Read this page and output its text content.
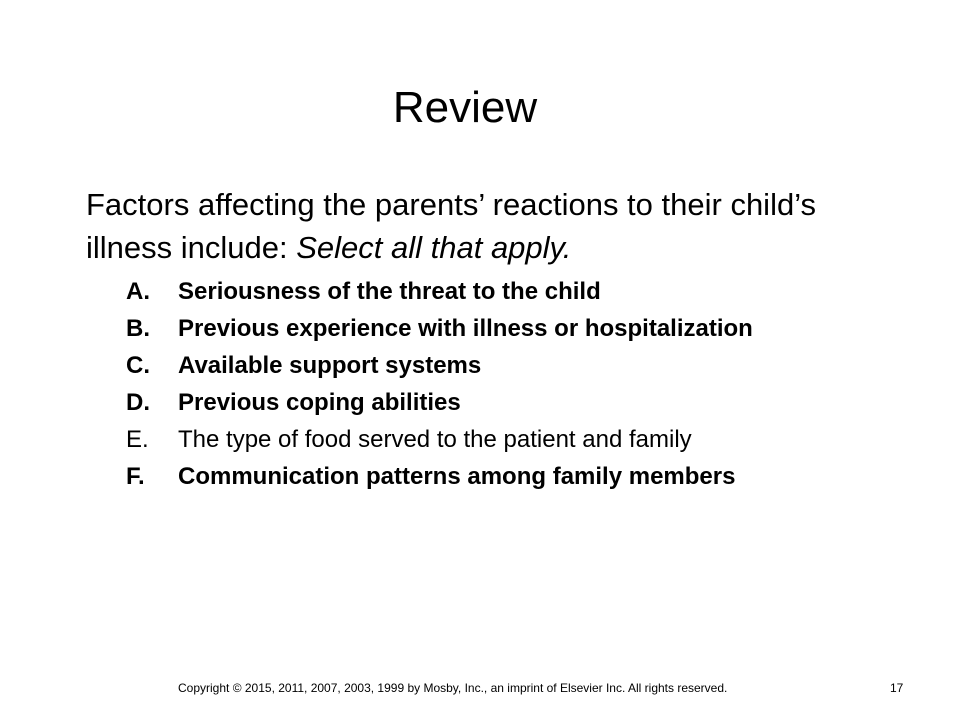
Review

Factors affecting the parents’ reactions to their child’s illness include: Select all that apply.

A.	Seriousness of the threat to the child
B.	Previous experience with illness or hospitalization
C.	Available support systems
D.	Previous coping abilities
E.	The type of food served to the patient and family
F.	Communication patterns among family members
Copyright © 2015, 2011, 2007, 2003, 1999 by Mosby, Inc., an imprint of Elsevier Inc. All rights reserved.	17
